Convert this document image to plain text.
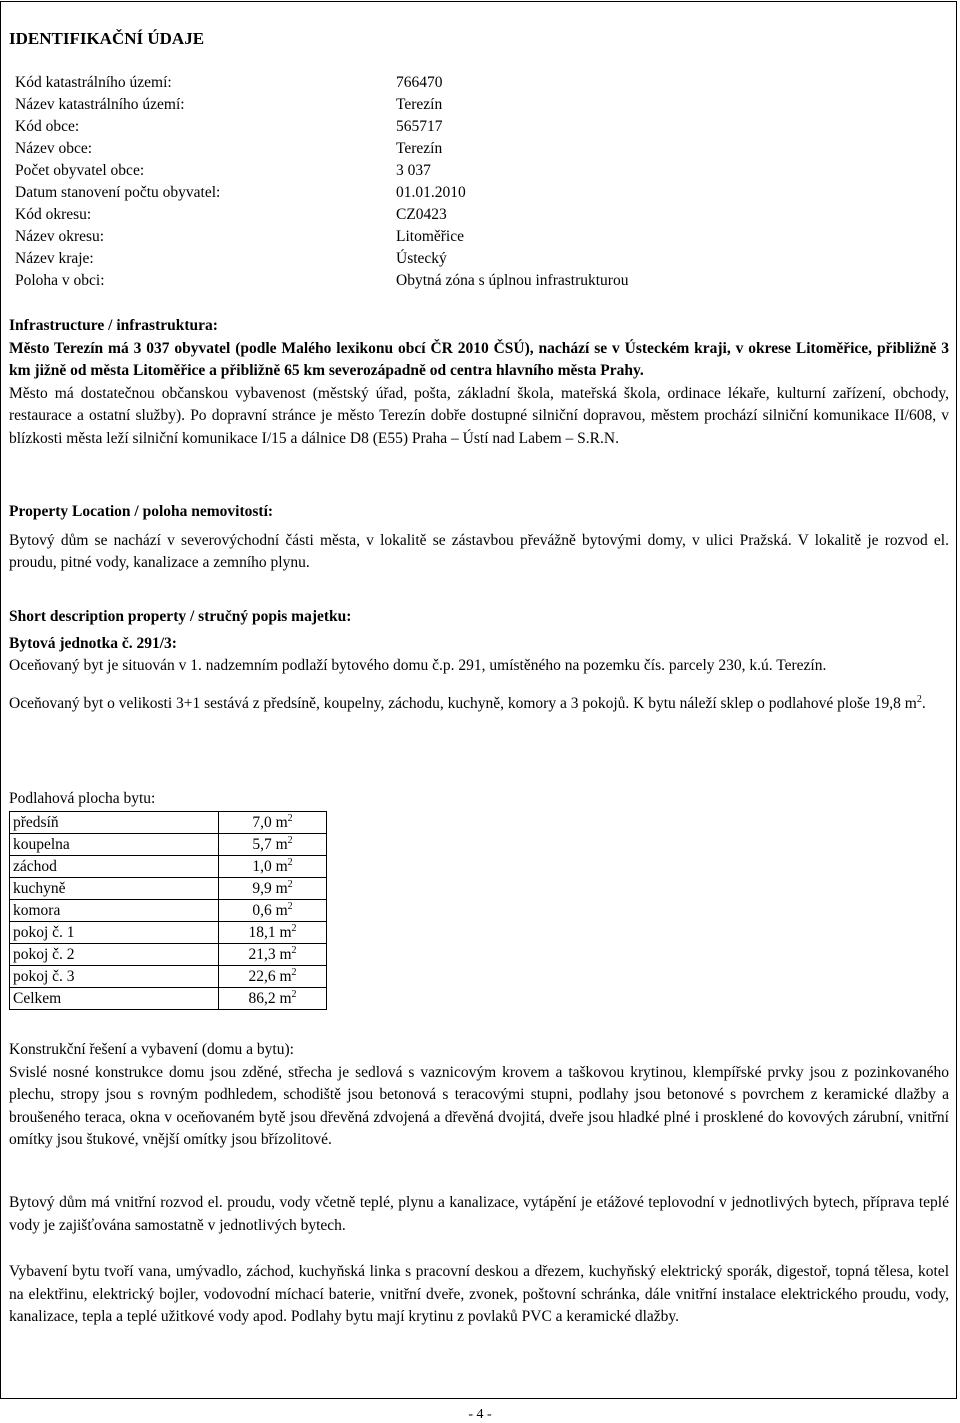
IDENTIFIKAČNÍ ÚDAJE
Kód katastrálního území:	766470
Název katastrálního území:	Terezín
Kód obce:	565717
Název obce:	Terezín
Počet obyvatel obce:	3 037
Datum stanovení počtu obyvatel:	01.01.2010
Kód okresu:	CZ0423
Název okresu:	Litoměřice
Název kraje:	Ústecký
Poloha v obci:	Obytná zóna s úplnou infrastrukturou
Infrastructure / infrastruktura:
Město Terezín má 3 037 obyvatel (podle Malého lexikonu obcí ČR 2010 ČSÚ), nachází se v Ústeckém kraji, v okrese Litoměřice, přibližně 3 km jižně od města Litoměřice a přibližně 65 km severozápadně od centra hlavního města Prahy.
Město má dostatečnou občanskou vybavenost (městský úřad, pošta, základní škola, mateřská škola, ordinace lékaře, kulturní zařízení, obchody, restaurace a ostatní služby). Po dopravní stránce je město Terezín dobře dostupné silniční dopravou, městem prochází silniční komunikace II/608, v blízkosti města leží silniční komunikace I/15 a dálnice D8 (E55) Praha – Ústí nad Labem – S.R.N.
Property Location / poloha nemovitostí:
Bytový dům se nachází v severovýchodní části města, v lokalitě se zástavbou převážně bytovými domy, v ulici Pražská. V lokalitě je rozvod el. proudu, pitné vody, kanalizace a zemního plynu.
Short description property / stručný popis majetku:
Bytová jednotka č. 291/3:
Oceňovaný byt je situován v 1. nadzemním podlaží bytového domu č.p. 291, umístěného na pozemku čís. parcely 230, k.ú. Terezín.
Oceňovaný byt o velikosti 3+1 sestává z předsíně, koupelny, záchodu, kuchyně, komory a 3 pokojů. K bytu náleží sklep o podlahové ploše 19,8 $m^2$.
Podlahová plocha bytu:
předsíň	7,0 $m^2$
koupelna	5,7 $m^2$
záchod	1,0 $m^2$
kuchyně	9,9 $m^2$
komora	0,6 $m^2$
pokoj č. 1	18,1 $m^2$
pokoj č. 2	21,3 $m^2$
pokoj č. 3	22,6 $m^2$
Celkem	86,2 $m^2$
Konstrukční řešení a vybavení (domu a bytu):
Svislé nosné konstrukce domu jsou zděné, střecha je sedlová s vaznicovým krovem a taškovou krytinou, klempířské prvky jsou z pozinkovaného plechu, stropy jsou s rovným podhledem, schodiště jsou betonová s teracovými stupni, podlahy jsou betonové s povrchem z keramické dlažby a broušeného teraca, okna v oceňovaném bytě jsou dřevěná zdvojená a dřevěná dvojitá, dveře jsou hladké plné i prosklené do kovových zárubní, vnitřní omítky jsou štukové, vnější omítky jsou břízolitové.
Bytový dům má vnitřní rozvod el. proudu, vody včetně teplé, plynu a kanalizace, vytápění je etážové teplovodní v jednotlivých bytech, příprava teplé vody je zajišťována samostatně v jednotlivých bytech.
Vybavení bytu tvoří vana, umývadlo, záchod, kuchyňská linka s pracovní deskou a dřezem, kuchyňský elektrický sporák, digestoř, topná tělesa, kotel na elektřinu, elektrický bojler, vodovodní míchací baterie, vnitřní dveře, zvonek, poštovní schránka, dále vnitřní instalace elektrického proudu, vody, kanalizace, tepla a teplé užitkové vody apod. Podlahy bytu mají krytinu z povlaků PVC a keramické dlažby.
- 4 -
